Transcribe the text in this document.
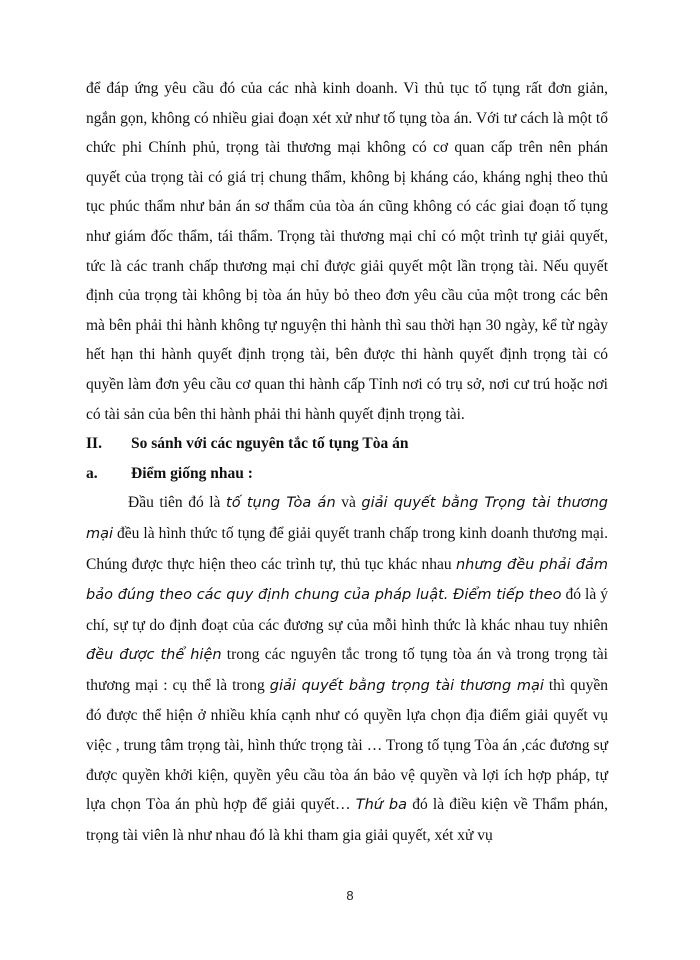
để đáp ứng yêu cầu đó của các nhà kinh doanh. Vì thủ tục tố tụng rất đơn giản, ngắn gọn, không có nhiều giai đoạn xét xử như tố tụng tòa án. Với tư cách là một tổ chức phi Chính phủ, trọng tài thương mại không có cơ quan cấp trên nên phán quyết của trọng tài có giá trị chung thẩm, không bị kháng cáo, kháng nghị theo thủ tục phúc thẩm như bản án sơ thẩm của tòa án cũng không có các giai đoạn tố tụng như giám đốc thẩm, tái thẩm. Trọng tài thương mại chỉ có một trình tự giải quyết, tức là các tranh chấp thương mại chỉ được giải quyết một lần trọng tài. Nếu quyết định của trọng tài không bị tòa án hủy bỏ theo đơn yêu cầu của một trong các bên mà bên phải thi hành không tự nguyện thi hành thì sau thời hạn 30 ngày, kể từ ngày hết hạn thi hành quyết định trọng tài, bên được thi hành quyết định trọng tài có quyền làm đơn yêu cầu cơ quan thi hành cấp Tỉnh nơi có trụ sở, nơi cư trú hoặc nơi có tài sản của bên thi hành phải thi hành quyết định trọng tài.

II.	So sánh với các nguyên tắc tố tụng Tòa án

a.	Điểm giống nhau :

Đầu tiên đó là tố tụng Tòa án và giải quyết bằng Trọng tài thương mại đều là hình thức tố tụng để giải quyết tranh chấp trong kinh doanh thương mại. Chúng được thực hiện theo các trình tự, thủ tục khác nhau nhưng đều phải đảm bảo đúng theo các quy định chung của pháp luật. Điểm tiếp theo đó là ý chí, sự tự do định đoạt của các đương sự của mỗi hình thức là khác nhau tuy nhiên đều được thể hiện trong các nguyên tắc trong tố tụng tòa án và trong trọng tài thương mại : cụ thể là trong giải quyết bằng trọng tài thương mại thì quyền đó được thể hiện ở nhiều khía cạnh như có quyền lựa chọn địa điểm giải quyết vụ việc , trung tâm trọng tài, hình thức trọng tài … Trong tố tụng Tòa án ,các đương sự được quyền khởi kiện, quyền yêu cầu tòa án bảo vệ quyền và lợi ích hợp pháp, tự lựa chọn Tòa án phù hợp để giải quyết… Thứ ba đó là điều kiện về Thẩm phán, trọng tài viên là như nhau đó là khi tham gia giải quyết, xét xử vụ

8
